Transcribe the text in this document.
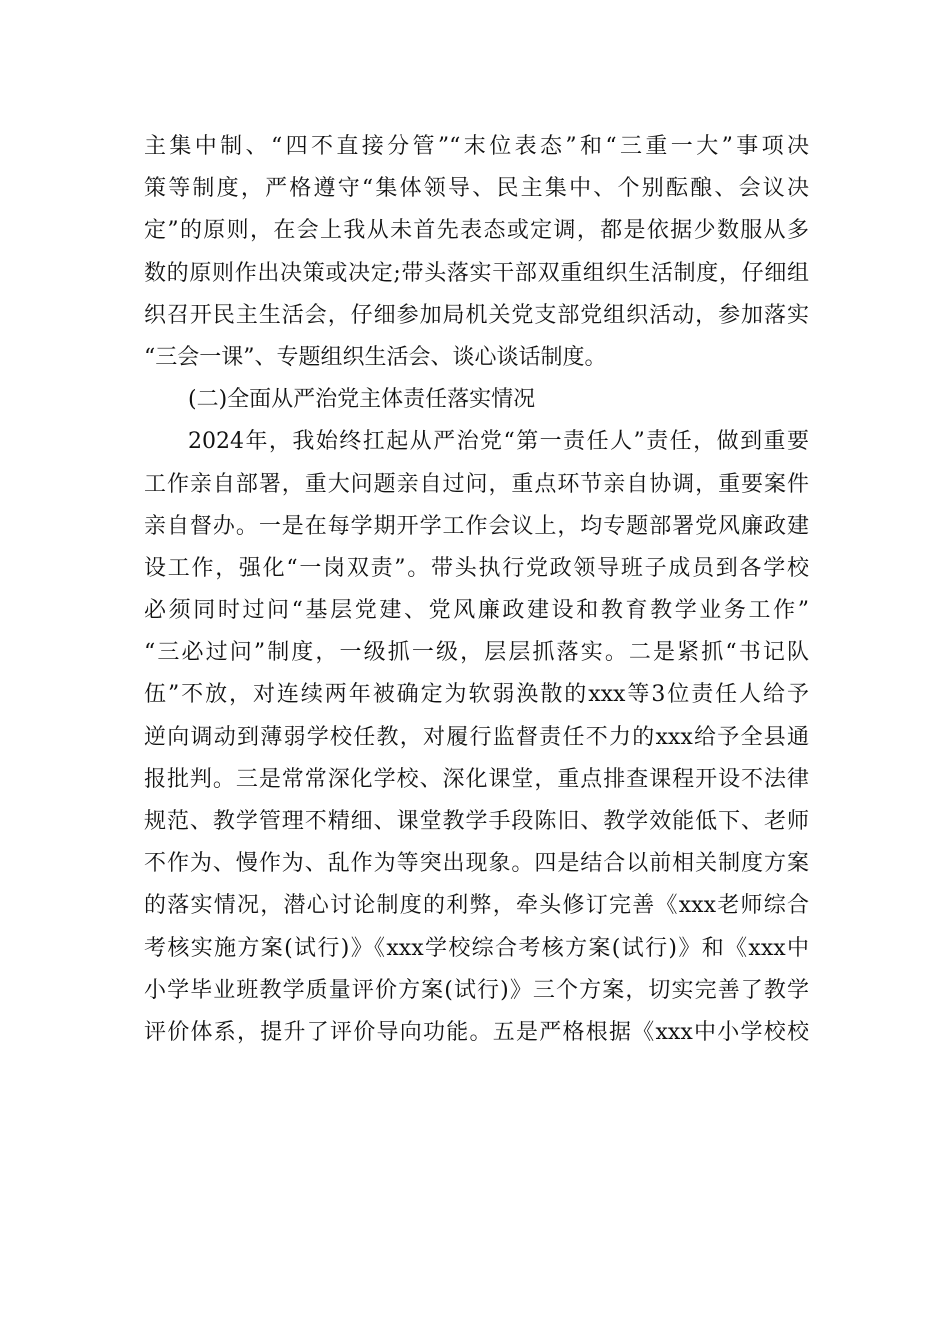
主集中制、“四不直接分管”“末位表态”和“三重一大”事项决
策等制度，严格遵守“集体领导、民主集中、个别酝酿、会议决
定”的原则，在会上我从未首先表态或定调，都是依据少数服从多
数的原则作出决策或决定;带头落实干部双重组织生活制度，仔细组
织召开民主生活会，仔细参加局机关党支部党组织活动，参加落实
“三会一课”、专题组织生活会、谈心谈话制度。
(二)全面从严治党主体责任落实情况
2024年，我始终扛起从严治党“第一责任人”责任，做到重要
工作亲自部署，重大问题亲自过问，重点环节亲自协调，重要案件
亲自督办。一是在每学期开学工作会议上，均专题部署党风廉政建
设工作，强化“一岗双责”。带头执行党政领导班子成员到各学校
必须同时过问“基层党建、党风廉政建设和教育教学业务工作”
“三必过问”制度，一级抓一级，层层抓落实。二是紧抓“书记队
伍”不放，对连续两年被确定为软弱涣散的xxx等3位责任人给予
逆向调动到薄弱学校任教，对履行监督责任不力的xxx给予全县通
报批判。三是常常深化学校、深化课堂，重点排查课程开设不法律
规范、教学管理不精细、课堂教学手段陈旧、教学效能低下、老师
不作为、慢作为、乱作为等突出现象。四是结合以前相关制度方案
的落实情况，潜心讨论制度的利弊，牵头修订完善《xxx老师综合
考核实施方案(试行)》《xxx学校综合考核方案(试行)》和《xxx中
小学毕业班教学质量评价方案(试行)》三个方案，切实完善了教学
评价体系，提升了评价导向功能。五是严格根据《xxx中小学校校
